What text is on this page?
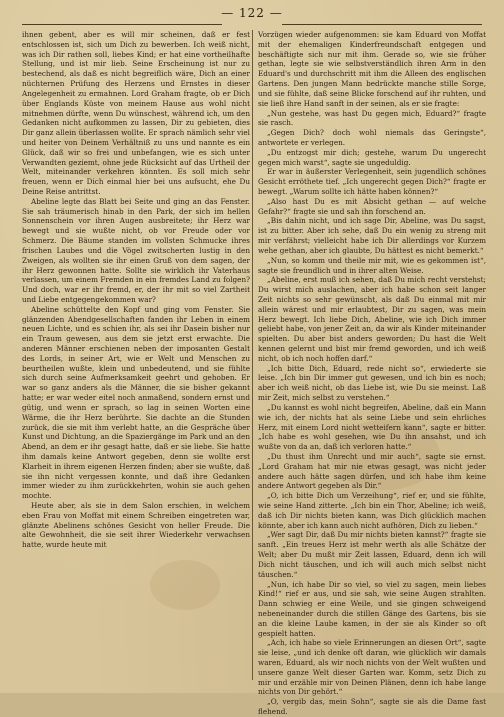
— 122 —

ihnen gebent, aber es will mir scheinen, daß er fest entschlossen ist, sich um Dich zu bewerben. Ich weiß nicht, was ich Dir rathen soll, liebes Kind; er hat eine vortheilhafte Stellung, und ist mir lieb. Seine Erscheinung ist nur zu bestechend, als daß es nicht begreiflich wäre, Dich an einer nüchternen Prüfung des Herzens und Ernstes in dieser Angelegenheit zu ermahnen. Lord Graham fragte, ob er Dich über Englands Küste von meinem Hause aus wohl nicht mitnehmen dürfte, wenn Du wünschest, während ich, um den Gedanken nicht aufkommen zu lassen, Dir zu gebieten, dies Dir ganz allein überlassen wollte. Er sprach nämlich sehr viel und heiter von Deinem Verhältniß zu uns und nannte es ein Glück, daß wir so frei und unbefangen, wie es sich unter Verwandten geziemt, ohne jede Rücksicht auf das Urtheil der Welt, miteinander verkehren könnten. Es soll mich sehr freuen, wenn er Dich einmal hier bei uns aufsucht, ehe Du Deine Reise antrittst.

Abeline legte das Blatt bei Seite und ging an das Fenster. Sie sah träumerisch hinab in den Park, der sich im hellen Sonnenschein vor ihren Augen ausbreitete; ihr Herz war bewegt und sie wußte nicht, ob vor Freude oder vor Schmerz. Die Bäume standen im vollsten Schmucke ihres frischen Laubes und die Vögel zwitscherten lustig in den Zweigen, als wollten sie ihr einen Gruß von dem sagen, der ihr Herz gewonnen hatte. Sollte sie wirklich ihr Vaterhaus verlassen, um einem Fremden in ein fremdes Land zu folgen? Und doch, war er ihr fremd, er, der ihr mit so viel Zartheit und Liebe entgegengekommen war?

Abeline schüttelte den Kopf und ging vom Fenster. Sie glänzenden Abendgesellschaften fanden ihr Leben in einem neuen Lichte, und es schien ihr, als sei ihr Dasein bisher nur ein Traum gewesen, aus dem sie jetzt erst erwachte. Die anderen Männer erschienen neben der imposanten Gestalt des Lords, in seiner Art, wie er Welt und Menschen zu beurtheilen wußte, klein und unbedeutend, und sie fühlte sich durch seine Aufmerksamkeit geehrt und gehoben. Er war so ganz anders als die Männer, die sie bisher gekannt hatte; er war weder eitel noch anmaßend, sondern ernst und gütig, und wenn er sprach, so lag in seinen Worten eine Wärme, die ihr Herz berührte. Sie dachte an die Stunden zurück, die sie mit ihm verlebt hatte, an die Gespräche über Kunst und Dichtung, an die Spaziergänge im Park und an den Abend, an dem er ihr gesagt hatte, daß er sie liebe. Sie hatte ihm damals keine Antwort gegeben, denn sie wollte erst Klarheit in ihrem eigenen Herzen finden; aber sie wußte, daß sie ihn nicht vergessen konnte, und daß ihre Gedanken immer wieder zu ihm zurückkehrten, wohin sie auch gehen mochte.

Heute aber, als sie in dem Salon erschien, in welchem eben Frau von Moffat mit einem Schreiben eingetreten war, glänzte Abelinens schönes Gesicht von heller Freude. Die alte Gewohnheit, die sie seit ihrer Wiederkehr verwachsen hatte, wurde heute mit

Vorzügen wieder aufgenommen: sie kam Eduard von Moffat mit der ehemaligen Kinderfreundschaft entgegen und beschäftigte sich nur mit ihm. Gerade so, wie sie früher gethan, legte sie wie selbstverständlich ihren Arm in den Eduard's und durchschritt mit ihm die Alleen des englischen Gartens. Den jungen Mann bedrückte manche stille Sorge, und sie fühlte, daß seine Blicke forschend auf ihr ruhten, und sie ließ ihre Hand sanft in der seinen, als er sie fragte:

„Nun gestehe, was hast Du gegen mich, Eduard?“ fragte sie rasch.

„Gegen Dich? doch wohl niemals das Geringste“, antwortete er verlegen.

„Du entzogst mir dich; gestehe, warum Du ungerecht gegen mich warst“, sagte sie ungeduldig.

Er war in äußerster Verlegenheit, sein jugendlich schönes Gesicht erröthete tief. „Ich ungerecht gegen Dich?“ fragte er bewegt. „Warum sollte ich hätte haben können?“

„Also hast Du es mit Absicht gethan — auf welche Gefahr?“ fragte sie und sah ihn forschend an.

„Bis dahin nicht, und ich sage Dir, Abeline, was Du sagst, ist zu bitter. Aber ich sehe, daß Du ein wenig zu streng mit mir verfährst; vielleicht habe ich Dir allerdings vor Kurzem wehe gethan, aber ich glaubte, Du hättest es nicht bemerkt.“

„Nun, so komm und theile mir mit, wie es gekommen ist“, sagte sie freundlich und in ihrer alten Weise.

„Abeline, erst muß ich sehen, daß Du mich recht verstehst; Du wirst mich auslachen, aber ich habe schon seit langer Zeit nichts so sehr gewünscht, als daß Du einmal mit mir allein wärest und mir erlaubtest, Dir zu sagen, was mein Herz bewegt. Ich liebe Dich, Abeline, wie ich Dich immer geliebt habe, von jener Zeit an, da wir als Kinder miteinander spielten. Du aber bist anders geworden; Du hast die Welt kennen gelernt und bist mir fremd geworden, und ich weiß nicht, ob ich noch hoffen darf.“

„Ich bitte Dich, Eduard, rede nicht so“, erwiederte sie leise. „Ich bin Dir immer gut gewesen, und ich bin es noch; aber ich weiß nicht, ob das Liebe ist, wie Du sie meinst. Laß mir Zeit, mich selbst zu verstehen.“

„Du kannst es wohl nicht begreifen, Abeline, daß ein Mann wie ich, der nichts hat als seine Liebe und sein ehrliches Herz, mit einem Lord nicht wetteifern kann“, sagte er bitter. „Ich habe es wohl gesehen, wie Du ihn ansahst, und ich wußte von da an, daß ich verloren hatte.“

„Du thust ihm Unrecht und mir auch“, sagte sie ernst. „Lord Graham hat mir nie etwas gesagt, was nicht jeder andere auch hätte sagen dürfen, und ich habe ihm keine andere Antwort gegeben als Dir.“

„O, ich bitte Dich um Verzeihung“, rief er, und sie fühlte, wie seine Hand zitterte. „Ich bin ein Thor, Abeline; ich weiß, daß ich Dir nichts bieten kann, was Dich glücklich machen könnte, aber ich kann auch nicht aufhören, Dich zu lieben.“

„Wer sagt Dir, daß Du mir nichts bieten kannst?“ fragte sie sanft. „Ein treues Herz ist mehr werth als alle Schätze der Welt; aber Du mußt mir Zeit lassen, Eduard, denn ich will Dich nicht täuschen, und ich will auch mich selbst nicht täuschen.“

„Nun, ich habe Dir so viel, so viel zu sagen, mein liebes Kind!“ rief er aus, und sie sah, wie seine Augen strahlten. Dann schwieg er eine Weile, und sie gingen schweigend nebeneinander durch die stillen Gänge des Gartens, bis sie an die kleine Laube kamen, in der sie als Kinder so oft gespielt hatten.

„Ach, ich habe so viele Erinnerungen an diesen Ort“, sagte sie leise, „und ich denke oft daran, wie glücklich wir damals waren, Eduard, als wir noch nichts von der Welt wußten und unsere ganze Welt dieser Garten war. Komm, setz Dich zu mir und erzähle mir von Deinen Plänen, denn ich habe lange nichts von Dir gehört.“

„O, vergib das, mein Sohn“, sagte sie als die Dame fast flehend.
